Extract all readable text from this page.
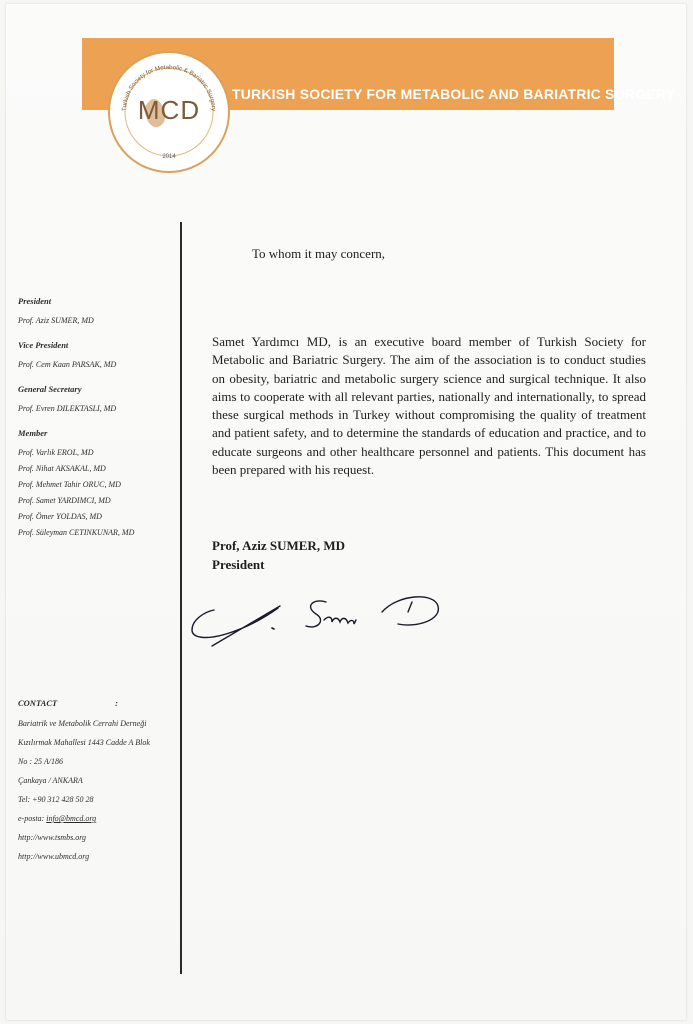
TURKISH SOCIETY FOR METABOLIC AND BARIATRIC SURGERY
Turkish Society for Metabolic & Bariatric Surgery
MCD
2014
President
Prof. Aziz SUMER, MD
Vice President
Prof. Cem Kaan PARSAK, MD
General Secretary
Prof. Evren DILEKTASLI, MD
Member
Prof. Varlık EROL, MD
Prof. Nihat AKSAKAL, MD
Prof. Mehmet Tahir ORUC, MD
Prof. Samet YARDIMCI, MD
Prof. Ömer YOLDAS, MD
Prof. Süleyman CETINKUNAR, MD
CONTACT	:
Bariatrik ve Metabolik Cerrahi Derneği
Kızılırmak Mahallesi 1443 Cadde A Blok
No : 25 A/186
Çankaya / ANKARA
Tel: +90 312 428 50 28
e-posta: info@bmcd.org
http://www.tsmbs.org
http://www.ubmcd.org
To whom it may concern,
Samet Yardımcı MD, is an executive board member of Turkish Society for Metabolic and Bariatric Surgery. The aim of the association is to conduct studies on obesity, bariatric and metabolic surgery science and surgical technique. It also aims to cooperate with all relevant parties, nationally and internationally, to spread these surgical methods in Turkey without compromising the quality of treatment and patient safety, and to determine the standards of education and practice, and to educate surgeons and other healthcare personnel and patients. This document has been prepared with his request.
Prof, Aziz SUMER, MD
President
